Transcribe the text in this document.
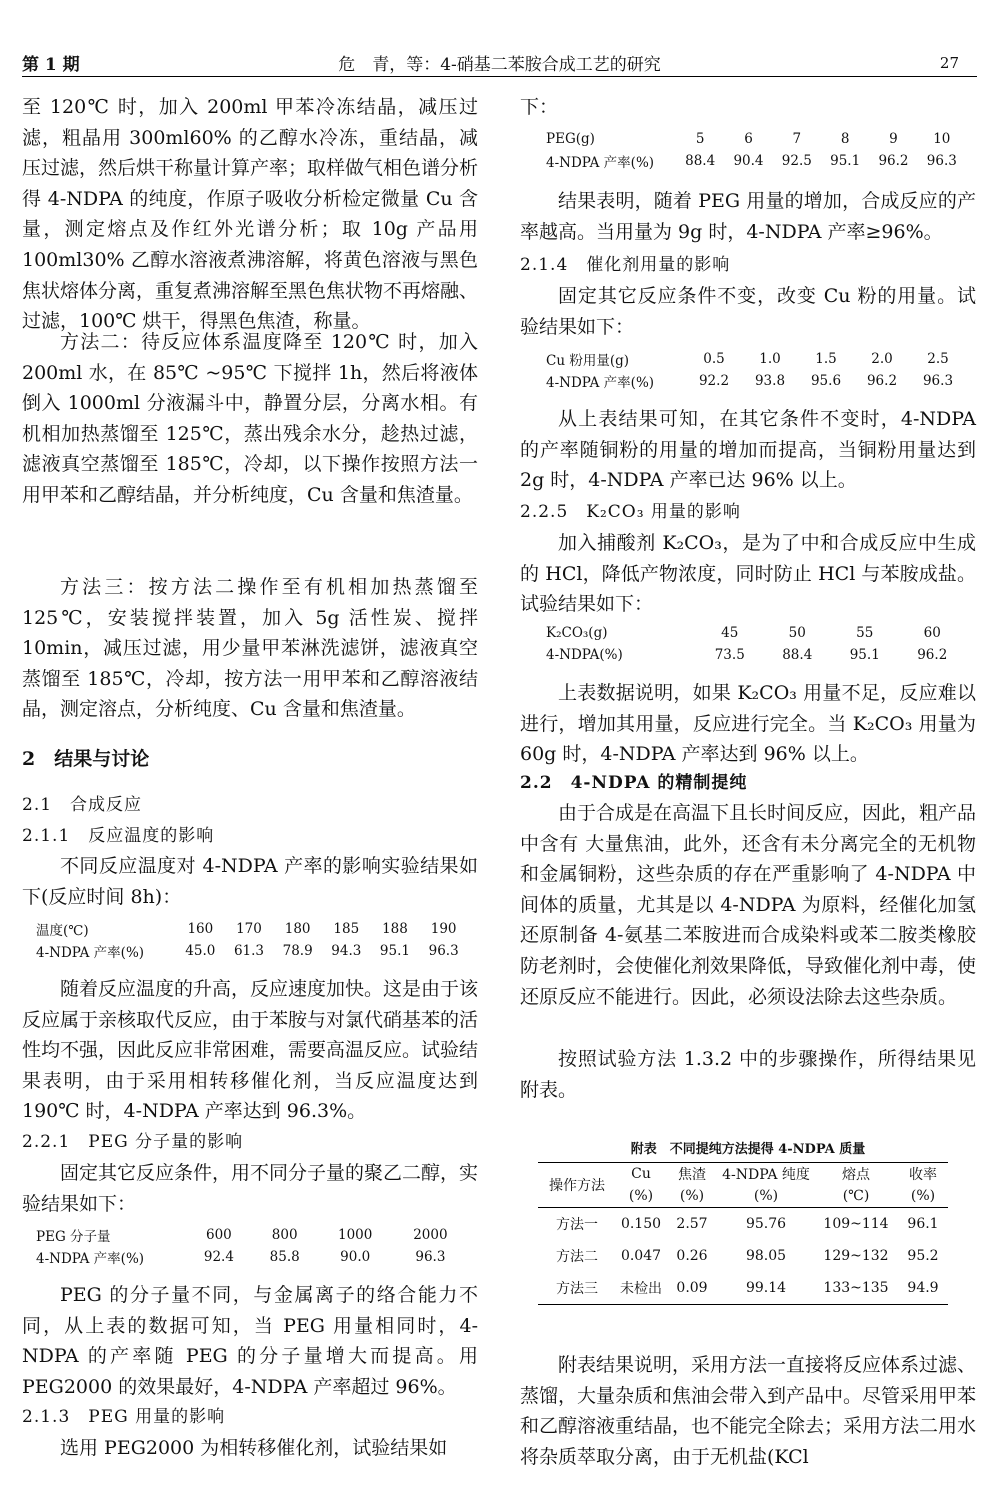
第 1 期	危　青，等：4-硝基二苯胺合成工艺的研究	27

至 120℃ 时，加入 200ml 甲苯冷冻结晶，减压过滤，粗晶用 300ml60% 的乙醇水冷冻，重结晶，减压过滤，然后烘干称量计算产率；取样做气相色谱分析得 4-NDPA 的纯度，作原子吸收分析检定微量 Cu 含量，测定熔点及作红外光谱分析；取 10g 产品用 100ml30% 乙醇水溶液煮沸溶解，将黄色溶液与黑色焦状熔体分离，重复煮沸溶解至黑色焦状物不再熔融、过滤，100℃ 烘干，得黑色焦渣，称量。

方法二：待反应体系温度降至 120℃ 时，加入 200ml 水，在 85℃ ~95℃ 下搅拌 1h，然后将液体倒入 1000ml 分液漏斗中，静置分层，分离水相。有机相加热蒸馏至 125℃，蒸出残余水分，趁热过滤，滤液真空蒸馏至 185℃，冷却，以下操作按照方法一用甲苯和乙醇结晶，并分析纯度，Cu 含量和焦渣量。

方法三：按方法二操作至有机相加热蒸馏至 125℃，安装搅拌装置，加入 5g 活性炭、搅拌 10min，减压过滤，用少量甲苯淋洗滤饼，滤液真空蒸馏至 185℃，冷却，按方法一用甲苯和乙醇溶液结晶，测定溶点，分析纯度、Cu 含量和焦渣量。

2　结果与讨论
2.1　合成反应
2.1.1　反应温度的影响

不同反应温度对 4-NDPA 产率的影响实验结果如下(反应时间 8h)：

温度(℃)	160	170	180	185	188	190
4-NDPA 产率(%)	45.0	61.3	78.9	94.3	95.1	96.3

随着反应温度的升高，反应速度加快。这是由于该反应属于亲核取代反应，由于苯胺与对氯代硝基苯的活性均不强，因此反应非常困难，需要高温反应。试验结果表明，由于采用相转移催化剂，当反应温度达到 190℃ 时，4-NDPA 产率达到 96.3%。

2.2.1　PEG 分子量的影响

固定其它反应条件，用不同分子量的聚乙二醇，实验结果如下：

PEG 分子量	600	800	1000	2000
4-NDPA 产率(%)	92.4	85.8	90.0	96.3

PEG 的分子量不同，与金属离子的络合能力不同，从上表的数据可知，当 PEG 用量相同时，4-NDPA 的产率随 PEG 的分子量增大而提高。用 PEG2000 的效果最好，4-NDPA 产率超过 96%。

2.1.3　PEG 用量的影响

选用 PEG2000 为相转移催化剂，试验结果如

下：

PEG(g)	5	6	7	8	9	10
4-NDPA 产率(%)	88.4	90.4	92.5	95.1	96.2	96.3

结果表明，随着 PEG 用量的增加，合成反应的产率越高。当用量为 9g 时，4-NDPA 产率≥96%。

2.1.4　催化剂用量的影响

固定其它反应条件不变，改变 Cu 粉的用量。试验结果如下：

Cu 粉用量(g)	0.5	1.0	1.5	2.0	2.5
4-NDPA 产率(%)	92.2	93.8	95.6	96.2	96.3

从上表结果可知，在其它条件不变时，4-NDPA 的产率随铜粉的用量的增加而提高，当铜粉用量达到 2g 时，4-NDPA 产率已达 96% 以上。

2.2.5　K₂CO₃ 用量的影响

加入捕酸剂 K₂CO₃，是为了中和合成反应中生成的 HCl，降低产物浓度，同时防止 HCl 与苯胺成盐。试验结果如下：

K₂CO₃(g)	45	50	55	60
4-NDPA(%)	73.5	88.4	95.1	96.2

上表数据说明，如果 K₂CO₃ 用量不足，反应难以进行，增加其用量，反应进行完全。当 K₂CO₃ 用量为 60g 时，4-NDPA 产率达到 96% 以上。

2.2　4-NDPA 的精制提纯

由于合成是在高温下且长时间反应，因此，粗产品中含有 大量焦油，此外，还含有未分离完全的无机物和金属铜粉，这些杂质的存在严重影响了 4-NDPA 中间体的质量，尤其是以 4-NDPA 为原料，经催化加氢还原制备 4-氨基二苯胺进而合成染料或苯二胺类橡胶防老剂时，会使催化剂效果降低，导致催化剂中毒，使还原反应不能进行。因此，必须设法除去这些杂质。

按照试验方法 1.3.2 中的步骤操作，所得结果见附表。

附表　不同提纯方法提得 4-NDPA 质量
操作方法	Cu	焦渣	4-NDPA 纯度	熔点	收率
	(%)	(%)	(%)	(℃)	(%)
方法一	0.150	2.57	95.76	109~114	96.1
方法二	0.047	0.26	98.05	129~132	95.2
方法三	未检出	0.09	99.14	133~135	94.9

附表结果说明，采用方法一直接将反应体系过滤、蒸馏，大量杂质和焦油会带入到产品中。尽管采用甲苯和乙醇溶液重结晶，也不能完全除去；采用方法二用水将杂质萃取分离，由于无机盐(KCl
